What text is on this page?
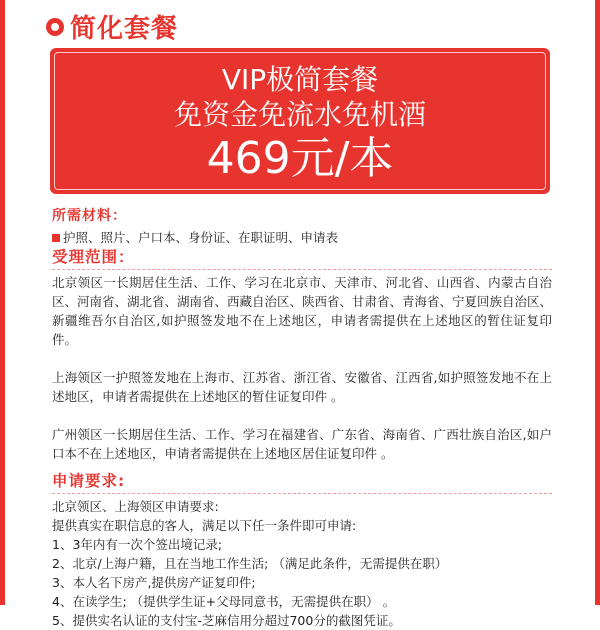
简化套餐
VIP极简套餐
免资金免流水免机酒
469元/本
所需材料：
护照、照片、户口本、身份证、在职证明、申请表
受理范围：

北京领区一长期居住生活、工作、学习在北京市、天津市、河北省、山西省、内蒙古自治区、河南省、湖北省、湖南省、西藏自治区、陕西省、甘肃省、青海省、宁夏回族自治区、新疆维吾尔自治区,如护照签发地不在上述地区，申请者需提供在上述地区的暂住证复印件。

上海领区一护照签发地在上海市、江苏省、浙江省、安徽省、江西省,如护照签发地不在上述地区，申请者需提供在上述地区的暂住证复印件 。

广州领区一长期居住生活、工作、学习在福建省、广东省、海南省、广西壮族自治区,如户口本不在上述地区，申请者需提供在上述地区居住证复印件 。

申请要求:

北京领区、上海领区申请要求:

提供真实在职信息的客人，满足以下任一条件即可申请:

1、3年内有一次个签出境记录;

2、北京/上海户籍，且在当地工作生活; （满足此条件，无需提供在职）

3、本人名下房产,提供房产证复印件;

4、在读学生; （提供学生证+父母同意书，无需提供在职） 。

5、提供实名认证的支付宝-芝麻信用分超过700分的截图凭证。
